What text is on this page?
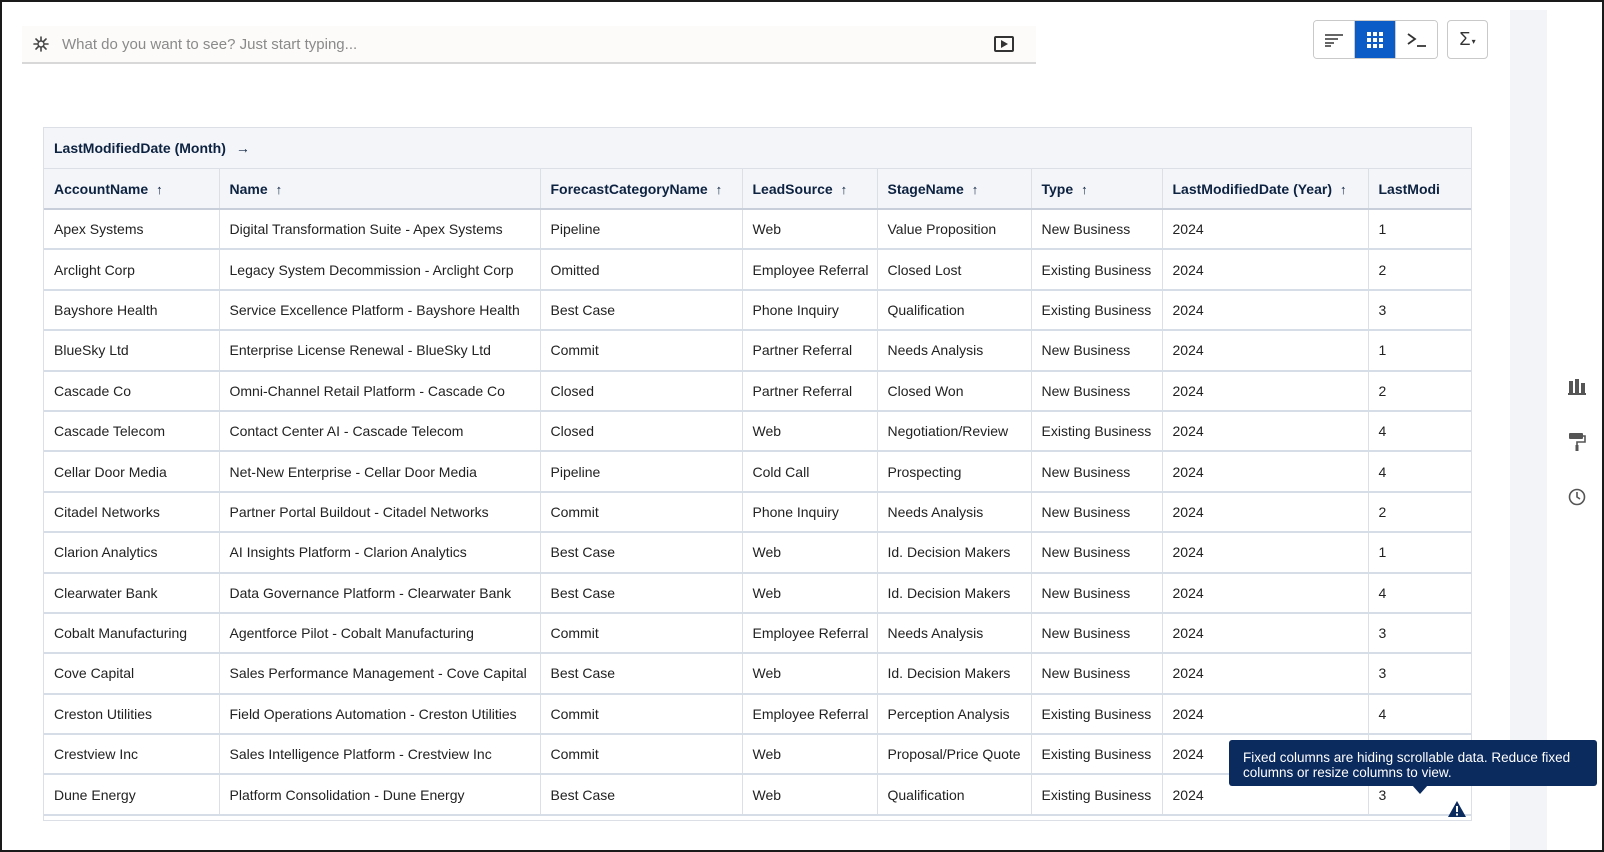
What do you want to see? Just start typing...
Σ ▾
LastModifiedDate (Month) →
AccountName ↑	Name ↑	ForecastCategoryName ↑	LeadSource ↑	StageName ↑	Type ↑	LastModifiedDate (Year) ↑	LastModi
Apex Systems	Digital Transformation Suite - Apex Systems	Pipeline	Web	Value Proposition	New Business	2024	1
Arclight Corp	Legacy System Decommission - Arclight Corp	Omitted	Employee Referral	Closed Lost	Existing Business	2024	2
Bayshore Health	Service Excellence Platform - Bayshore Health	Best Case	Phone Inquiry	Qualification	Existing Business	2024	3
BlueSky Ltd	Enterprise License Renewal - BlueSky Ltd	Commit	Partner Referral	Needs Analysis	New Business	2024	1
Cascade Co	Omni-Channel Retail Platform - Cascade Co	Closed	Partner Referral	Closed Won	New Business	2024	2
Cascade Telecom	Contact Center AI - Cascade Telecom	Closed	Web	Negotiation/Review	Existing Business	2024	4
Cellar Door Media	Net-New Enterprise - Cellar Door Media	Pipeline	Cold Call	Prospecting	New Business	2024	4
Citadel Networks	Partner Portal Buildout - Citadel Networks	Commit	Phone Inquiry	Needs Analysis	New Business	2024	2
Clarion Analytics	AI Insights Platform - Clarion Analytics	Best Case	Web	Id. Decision Makers	New Business	2024	1
Clearwater Bank	Data Governance Platform - Clearwater Bank	Best Case	Web	Id. Decision Makers	New Business	2024	4
Cobalt Manufacturing	Agentforce Pilot - Cobalt Manufacturing	Commit	Employee Referral	Needs Analysis	New Business	2024	3
Cove Capital	Sales Performance Management - Cove Capital	Best Case	Web	Id. Decision Makers	New Business	2024	3
Creston Utilities	Field Operations Automation - Creston Utilities	Commit	Employee Referral	Perception Analysis	Existing Business	2024	4
Crestview Inc	Sales Intelligence Platform - Crestview Inc	Commit	Web	Proposal/Price Quote	Existing Business	2024	
Dune Energy	Platform Consolidation - Dune Energy	Best Case	Web	Qualification	Existing Business	2024	3
Fixed columns are hiding scrollable data. Reduce fixed columns or resize columns to view.
